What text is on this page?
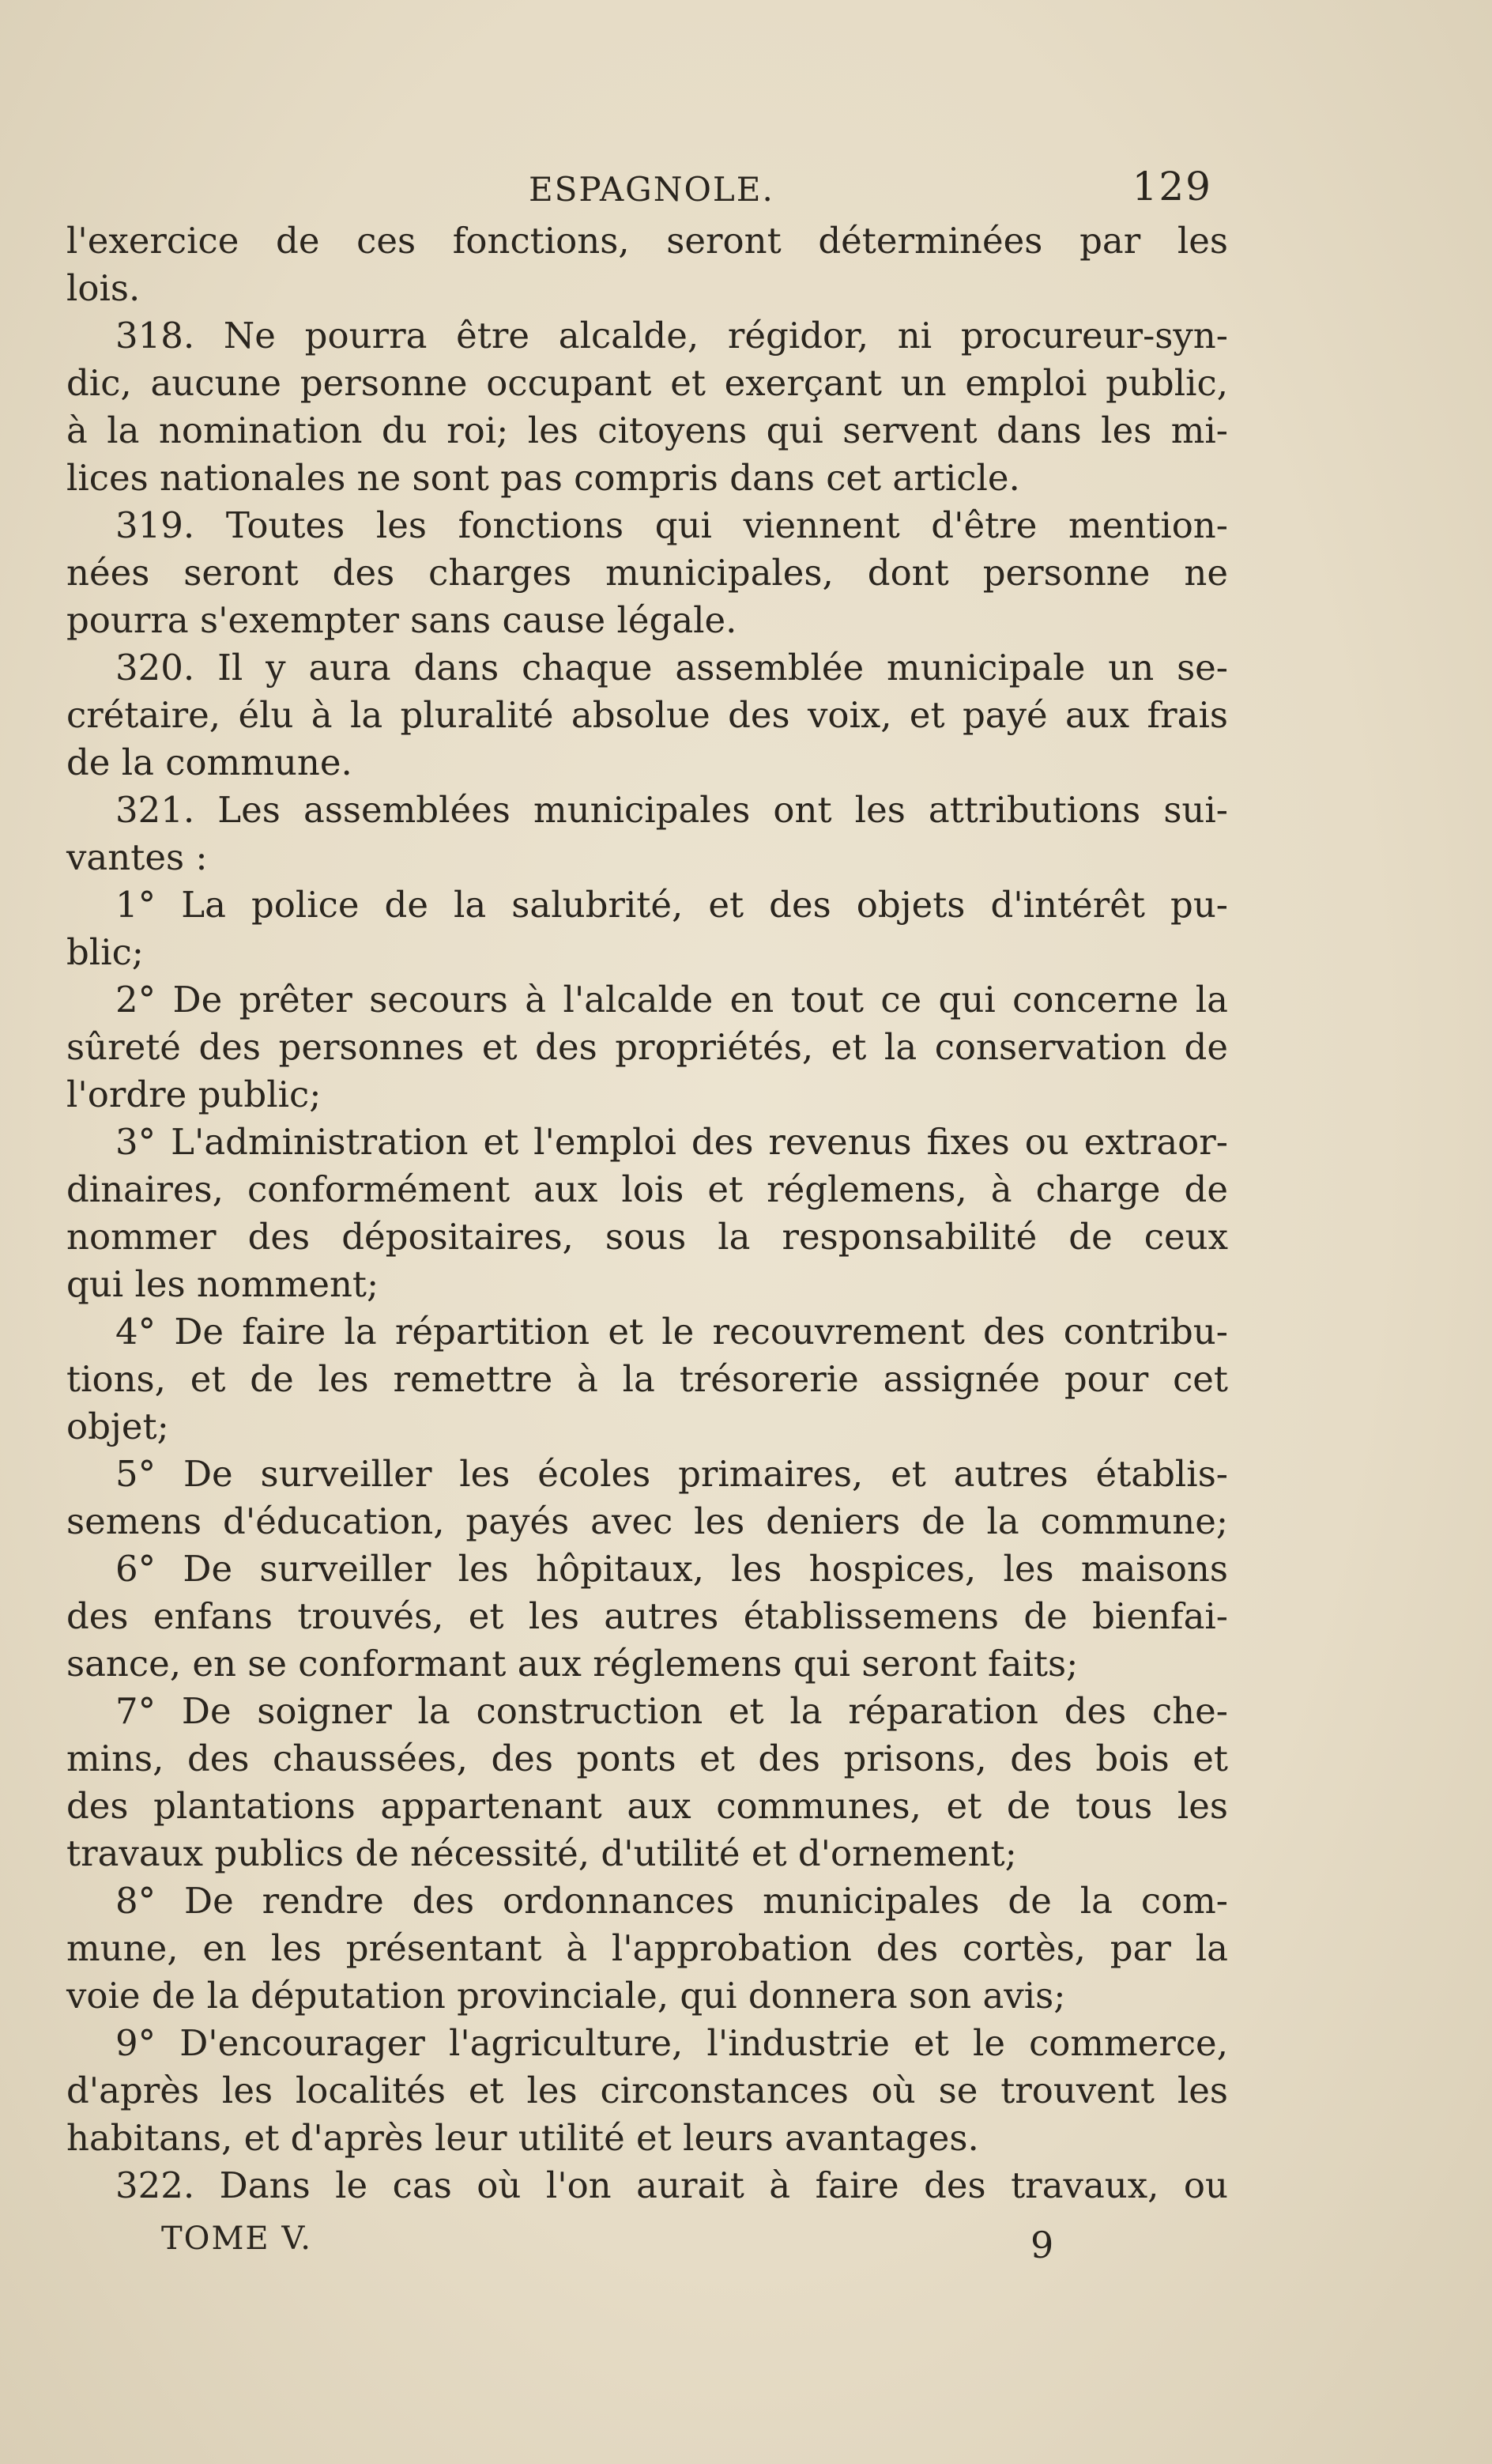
ESPAGNOLE.	129
l'exercice de ces fonctions, seront déterminées par les
lois.
318. Ne pourra être alcalde, régidor, ni procureur-syn-
dic, aucune personne occupant et exerçant un emploi public,
à la nomination du roi; les citoyens qui servent dans les mi-
lices nationales ne sont pas compris dans cet article.
319. Toutes les fonctions qui viennent d'être mention-
nées seront des charges municipales, dont personne ne
pourra s'exempter sans cause légale.
320. Il y aura dans chaque assemblée municipale un se-
crétaire, élu à la pluralité absolue des voix, et payé aux frais
de la commune.
321. Les assemblées municipales ont les attributions sui-
vantes :
1° La police de la salubrité, et des objets d'intérêt pu-
blic;
2° De prêter secours à l'alcalde en tout ce qui concerne la
sûreté des personnes et des propriétés, et la conservation de
l'ordre public;
3° L'administration et l'emploi des revenus fixes ou extraor-
dinaires, conformément aux lois et réglemens, à charge de
nommer des dépositaires, sous la responsabilité de ceux
qui les nomment;
4° De faire la répartition et le recouvrement des contribu-
tions, et de les remettre à la trésorerie assignée pour cet
objet;
5° De surveiller les écoles primaires, et autres établis-
semens d'éducation, payés avec les deniers de la commune;
6° De surveiller les hôpitaux, les hospices, les maisons
des enfans trouvés, et les autres établissemens de bienfai-
sance, en se conformant aux réglemens qui seront faits;
7° De soigner la construction et la réparation des che-
mins, des chaussées, des ponts et des prisons, des bois et
des plantations appartenant aux communes, et de tous les
travaux publics de nécessité, d'utilité et d'ornement;
8° De rendre des ordonnances municipales de la com-
mune, en les présentant à l'approbation des cortès, par la
voie de la députation provinciale, qui donnera son avis;
9° D'encourager l'agriculture, l'industrie et le commerce,
d'après les localités et les circonstances où se trouvent les
habitans, et d'après leur utilité et leurs avantages.
322. Dans le cas où l'on aurait à faire des travaux, ou
TOME V.	9
